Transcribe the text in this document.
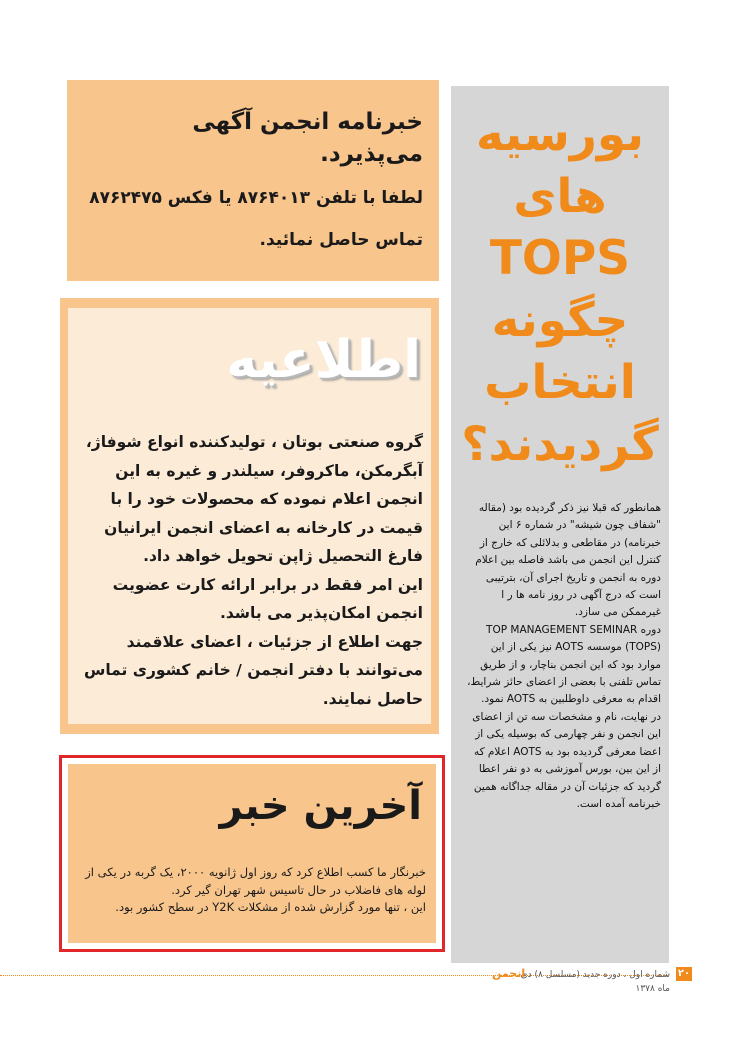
بورسیه های
TOPS
چگونه
انتخاب
گردیدند؟

همانطور که قبلا نیز ذکر گردیده بود (مقاله "شفاف چون شیشه" در شماره ۶ این خبرنامه) در مقاطعی و بدلائلی که خارج از کنترل این انجمن می باشد فاصله بین اعلام دوره به انجمن و تاریخ اجرای آن، بترتیبی است که درج آگهی در روز نامه ها ر ا غیرممکن می سازد.

دوره TOP MANAGEMENT SEMINAR (TOPS) موسسه AOTS نیز یکی از این موارد بود که این انجمن بناچار، و از طریق تماس تلفنی با بعضی از اعضای حائز شرایط، اقدام به معرفی داوطلبین به AOTS نمود.

در نهایت، نام و مشخصات سه تن از اعضای این انجمن و نفر چهارمی که بوسیله یکی از اعضا معرفی گردیده بود به AOTS اعلام که از این بین، بورس آموزشی به دو نفر اعطا گردید که جزئیات آن در مقاله جداگانه همین خبرنامه آمده است.

خبرنامه انجمن آگهی می‌پذیرد.
لطفا با تلفن ۸۷۶۴۰۱۳ یا فکس ۸۷۶۲۴۷۵ تماس حاصل نمائید.
اطلاعیه

گروه صنعتی بوتان ، تولیدکننده انواع شوفاژ، آبگرمکن، ماکروفر، سیلندر و غیره به این انجمن اعلام نموده که محصولات خود را با قیمت در کارخانه به اعضای انجمن ایرانیان فارغ التحصیل ژاپن تحویل خواهد داد.

این امر فقط در برابر ارائه کارت عضویت انجمن امکان‌پذیر می باشد.

جهت اطلاع از جزئیات ، اعضای علاقمند می‌توانند با دفتر انجمن / خانم کشوری تماس حاصل نمایند.

آخرین خبر

خبرنگار ما کسب اطلاع کرد که روز اول ژانویه ۲۰۰۰، یک گربه در یکی از لوله های فاضلاب در حال تاسیس شهر تهران گیر کرد.

این ، تنها مورد گزارش شده از مشکلات Y2K در سطح کشور بود.

انجمن
شماره اول ، دوره جدید (مسلسل ۸) دی ماه ۱۳۷۸
۲۰
